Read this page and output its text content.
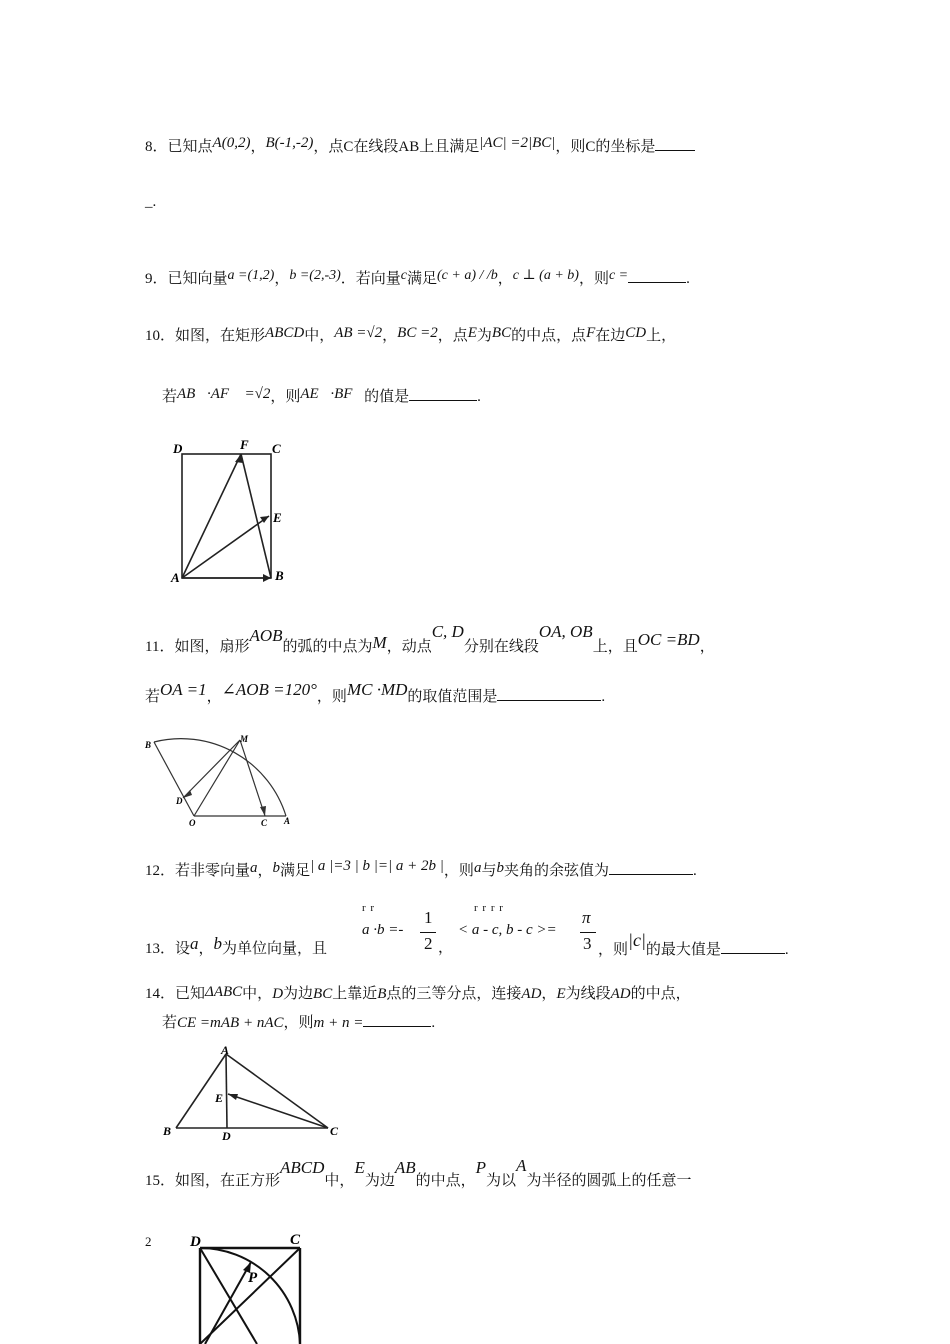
8．已知点A(0,2)，B(-1,-2)，点C在线段AB上且满足|AC| =2|BC|，则C的坐标是
_.
9．已知向量a =(1,2)，b =(2,-3)．若向量c满足(c + a) / /b，c ⊥ (a + b)，则c =	.
10．如图，在矩形ABCD中，AB =√2，BC =2，点E为BC的中点，点F在边CD上，
若AB⃗·AF⃗ =√2，则AE⃗·BF⃗的值是	.
D	F C
E
A	B
11．如图，扇形AOB的弧的中点为M，动点C, D分别在线段OA, OB上，且OC =BD，
若OA =1，∠AOB =120°，则MC ·MD的取值范围是	.
B
M
D
O	C A
12．若非零向量a，b满足| a |=3 | b |=| a + 2b |，则a与b夹角的余弦值为	.
13．设a，b为单位向量，且
r r
a ·b =-
1
2 ，
r r r r
< a - c, b - c >=
π
3 ，则|c|的最大值是	.
14．已知ΔABC中，D为边BC上靠近B点的三等分点，连接AD，E为线段AD的中点，
若CE =mAB + nAC，则m + n =	.
A
E
B	D	C
15．如图，在正方形ABCD中，E为边AB的中点，P为以A为半径的圆弧上的任意一
2	D	C
P
